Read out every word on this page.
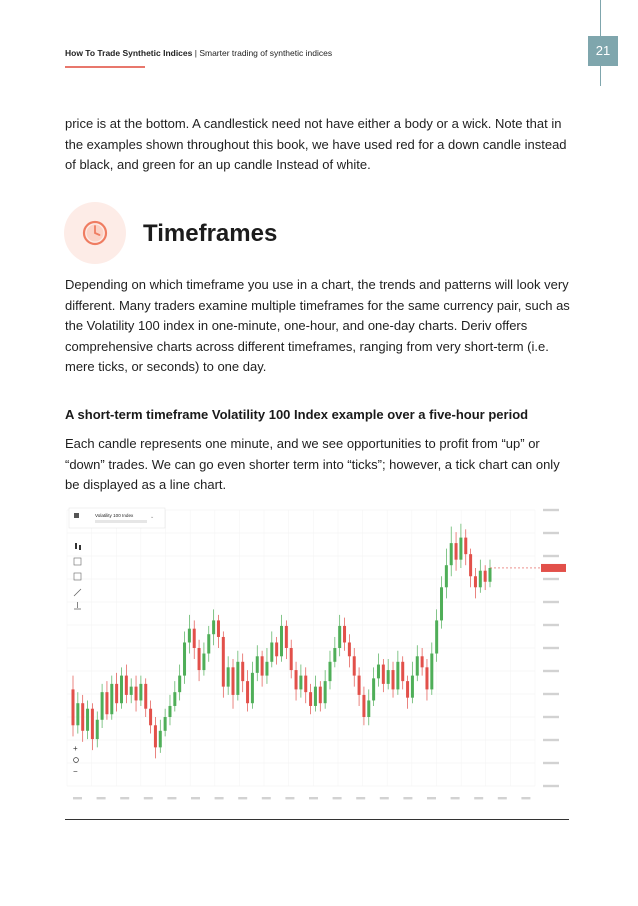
21
How To Trade Synthetic Indices | Smarter trading of synthetic indices

price is at the bottom. A candlestick need not have either a body or a wick. Note that in the examples shown throughout this book, we have used red for a down candle instead of black, and green for an up candle Instead of white.

Timeframes

Depending on which timeframe you use in a chart, the trends and patterns will look very different. Many traders examine multiple timeframes for the same currency pair, such as the Volatility 100 index in one-minute, one-hour, and one-day charts. Deriv offers comprehensive charts across different timeframes, ranging from very short-term (i.e. mere ticks, or seconds) to one day.

A short-term timeframe Volatility 100 Index example over a five-hour period

Each candle represents one minute, and we see opportunities to profit from “up” or “down” trades. We can go even shorter term into “ticks”; however, a tick chart can only be displayed as a line chart.

Volatility 100 Index	⌄
+
−
